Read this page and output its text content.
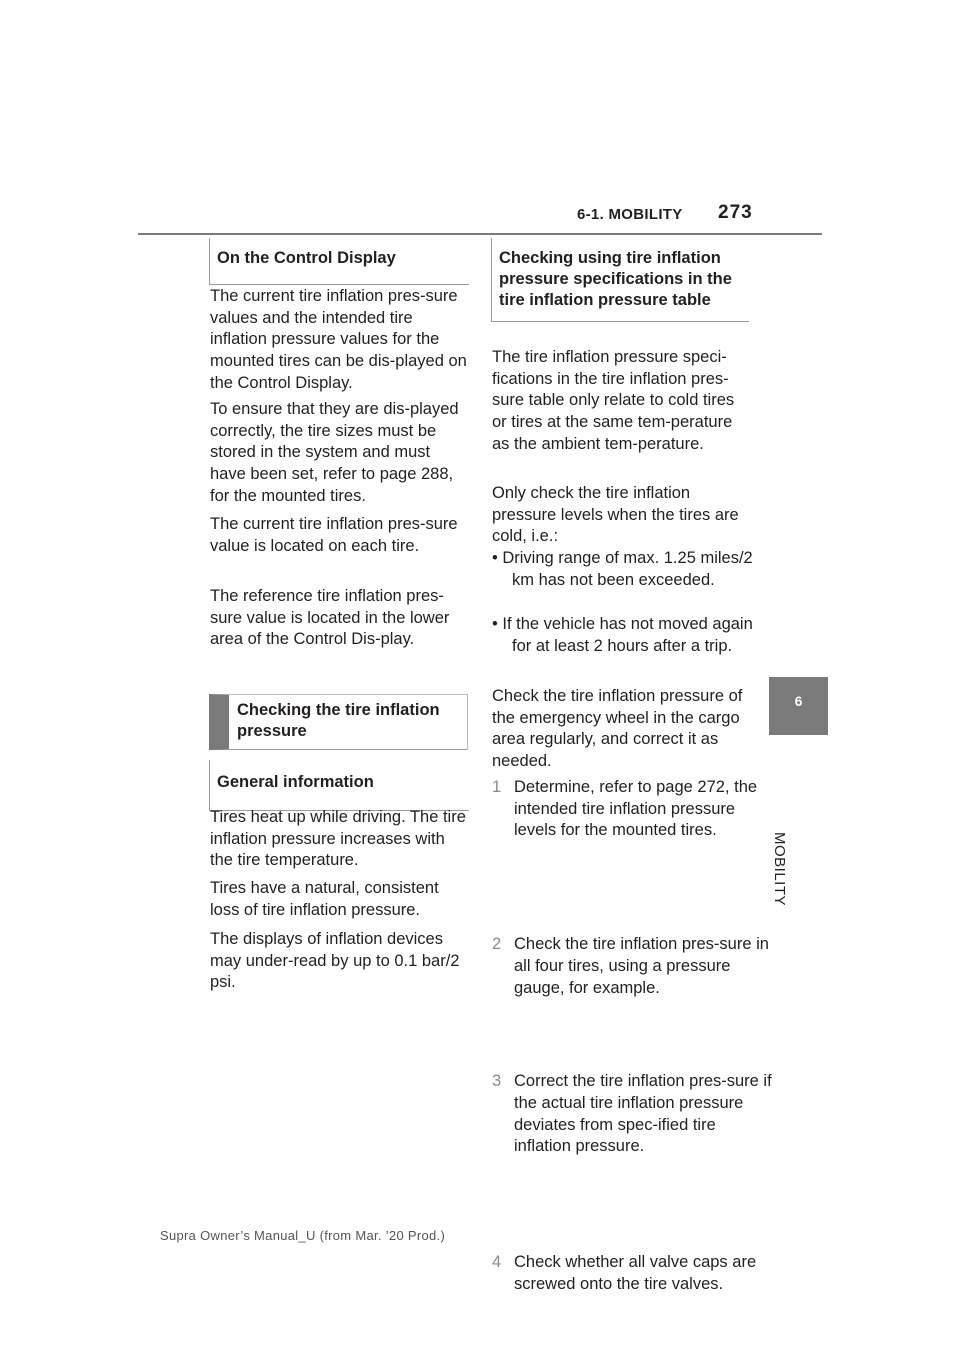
6-1. MOBILITY 273
6
MOBILITY
On the Control Display

The current tire inflation pres-sure values and the intended tire inflation pressure values for the mounted tires can be dis-played on the Control Display.

To ensure that they are dis-played correctly, the tire sizes must be stored in the system and must have been set, refer to page 288, for the mounted tires.

The current tire inflation pres-sure value is located on each tire.

The reference tire inflation pres-sure value is located in the lower area of the Control Dis-play.

Checking the tire inflation pressure
General information

Tires heat up while driving. The tire inflation pressure increases with the tire temperature.

Tires have a natural, consistent loss of tire inflation pressure.

The displays of inflation devices may under-read by up to 0.1 bar/2 psi.

Checking using tire inflation pressure specifications in the tire inflation pressure table

The tire inflation pressure speci-fications in the tire inflation pres-sure table only relate to cold tires or tires at the same tem-perature as the ambient tem-perature.

Only check the tire inflation pressure levels when the tires are cold, i.e.:

• Driving range of max. 1.25 miles/2 km has not been exceeded.

• If the vehicle has not moved again for at least 2 hours after a trip.

Check the tire inflation pressure of the emergency wheel in the cargo area regularly, and correct it as needed.

1 Determine, refer to page 272, the intended tire inflation pressure levels for the mounted tires.
2 Check the tire inflation pres-sure in all four tires, using a pressure gauge, for example.
3 Correct the tire inflation pres-sure if the actual tire inflation pressure deviates from spec-ified tire inflation pressure.
4 Check whether all valve caps are screwed onto the tire valves.
Supra Owner’s Manual_U (from Mar. ’20 Prod.)
